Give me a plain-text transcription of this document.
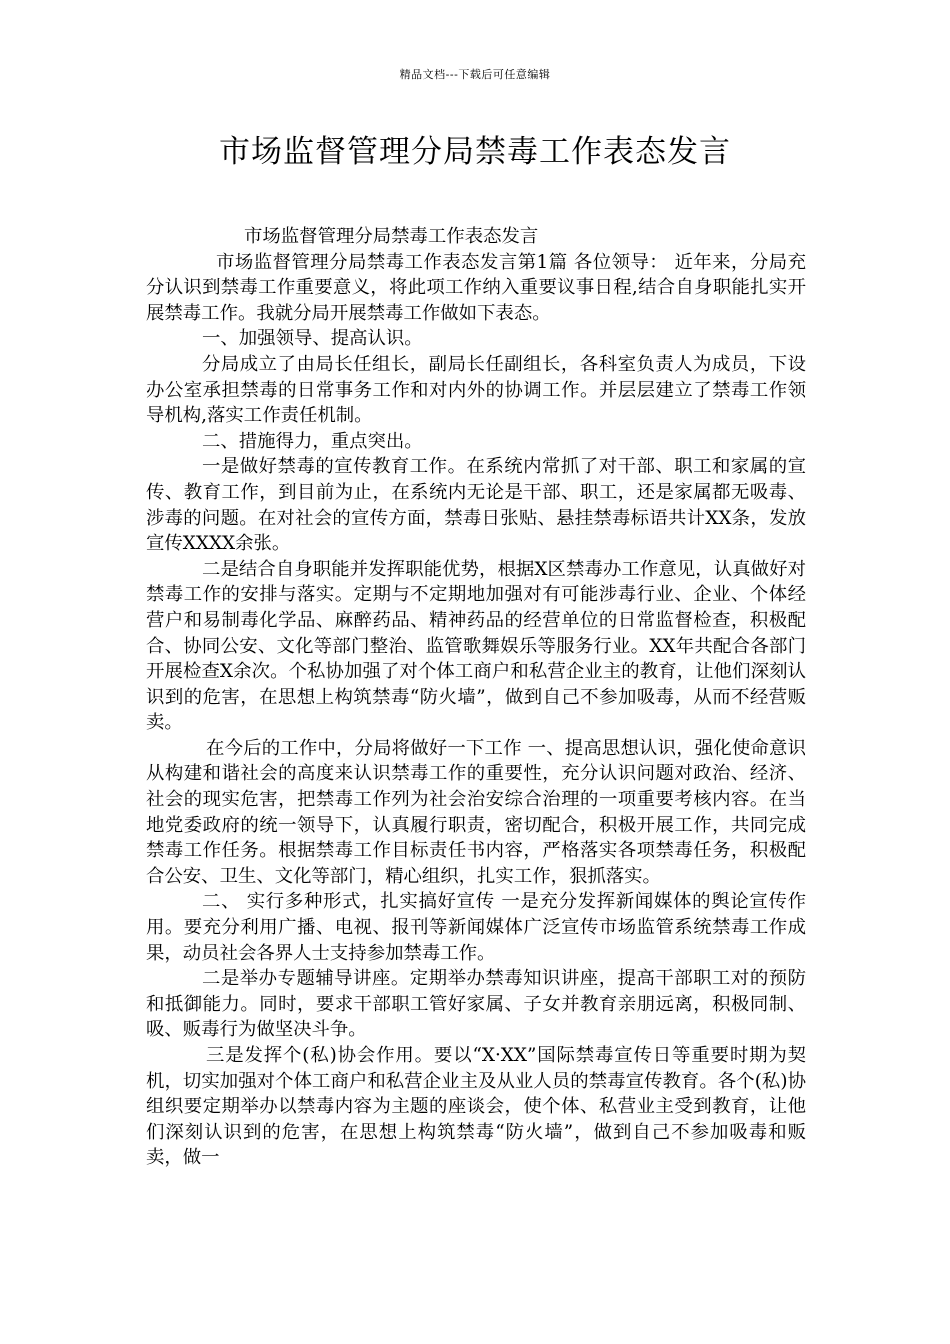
精品文档---下载后可任意编辑
市场监督管理分局禁毒工作表态发言

市场监督管理分局禁毒工作表态发言

市场监督管理分局禁毒工作表态发言第1篇 各位领导： 近年来，分局充分认识到禁毒工作重要意义，将此项工作纳入重要议事日程,结合自身职能扎实开展禁毒工作。我就分局开展禁毒工作做如下表态。

一、加强领导、提高认识。

分局成立了由局长任组长，副局长任副组长，各科室负责人为成员，下设办公室承担禁毒的日常事务工作和对内外的协调工作。并层层建立了禁毒工作领导机构,落实工作责任机制。

二、措施得力，重点突出。

一是做好禁毒的宣传教育工作。在系统内常抓了对干部、职工和家属的宣传、教育工作，到目前为止，在系统内无论是干部、职工，还是家属都无吸毒、涉毒的问题。在对社会的宣传方面，禁毒日张贴、悬挂禁毒标语共计XX条，发放宣传XXXX余张。

二是结合自身职能并发挥职能优势，根据X区禁毒办工作意见，认真做好对禁毒工作的安排与落实。定期与不定期地加强对有可能涉毒行业、企业、个体经营户和易制毒化学品、麻醉药品、精神药品的经营单位的日常监督检查，积极配合、协同公安、文化等部门整治、监管歌舞娱乐等服务行业。XX年共配合各部门开展检查X余次。个私协加强了对个体工商户和私营企业主的教育，让他们深刻认识到的危害，在思想上构筑禁毒“防火墙”，做到自己不参加吸毒，从而不经营贩卖。

在今后的工作中，分局将做好一下工作 一、提高思想认识，强化使命意识 从构建和谐社会的高度来认识禁毒工作的重要性，充分认识问题对政治、经济、社会的现实危害，把禁毒工作列为社会治安综合治理的一项重要考核内容。在当地党委政府的统一领导下，认真履行职责，密切配合，积极开展工作，共同完成禁毒工作任务。根据禁毒工作目标责任书内容，严格落实各项禁毒任务，积极配合公安、卫生、文化等部门，精心组织，扎实工作，狠抓落实。

二、 实行多种形式，扎实搞好宣传 一是充分发挥新闻媒体的舆论宣传作用。要充分利用广播、电视、报刊等新闻媒体广泛宣传市场监管系统禁毒工作成果，动员社会各界人士支持参加禁毒工作。

二是举办专题辅导讲座。定期举办禁毒知识讲座，提高干部职工对的预防和抵御能力。同时，要求干部职工管好家属、子女并教育亲朋远离，积极同制、吸、贩毒行为做坚决斗争。

三是发挥个(私)协会作用。要以“X·XX”国际禁毒宣传日等重要时期为契机，切实加强对个体工商户和私营企业主及从业人员的禁毒宣传教育。各个(私)协组织要定期举办以禁毒内容为主题的座谈会，使个体、私营业主受到教育，让他们深刻认识到的危害，在思想上构筑禁毒“防火墙”，做到自己不参加吸毒和贩卖，做一
